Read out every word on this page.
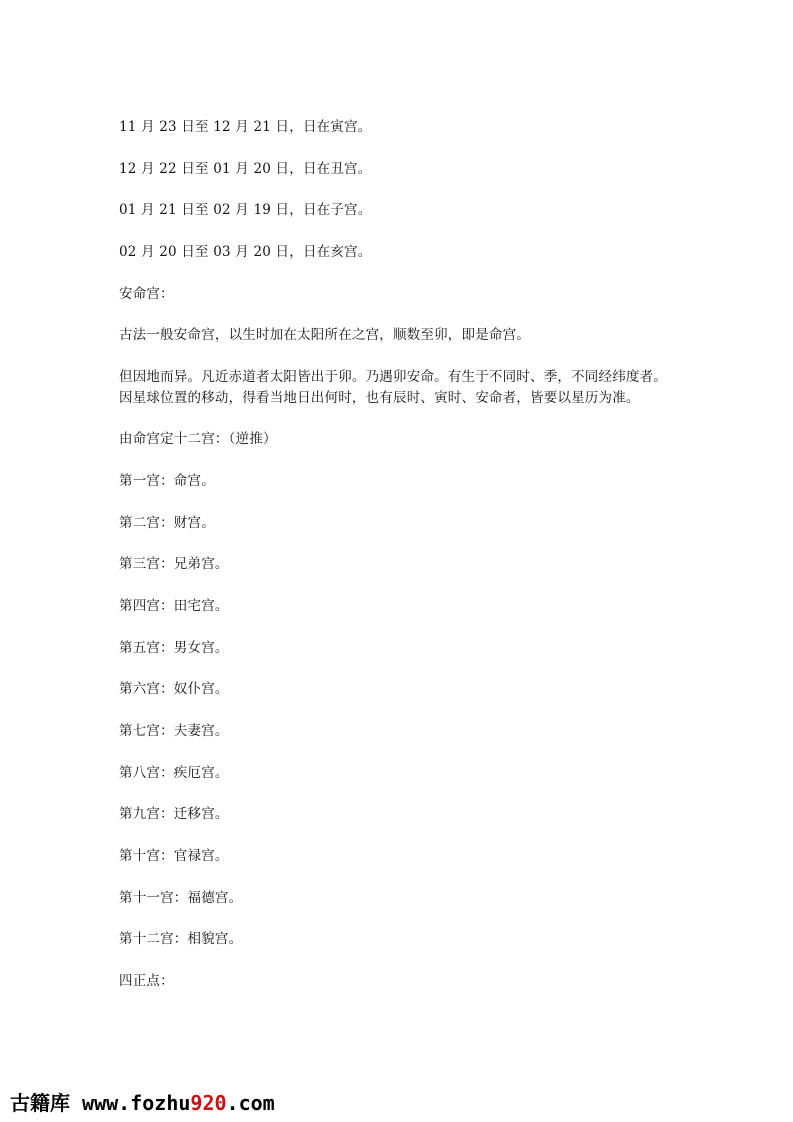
11 月 23 日至 12 月 21 日，日在寅宫。
12 月 22 日至 01 月 20 日，日在丑宫。
01 月 21 日至 02 月 19 日，日在子宫。
02 月 20 日至 03 月 20 日，日在亥宫。
安命宫：
古法一般安命宫，以生时加在太阳所在之宫，顺数至卯，即是命宫。
但因地而异。凡近赤道者太阳皆出于卯。乃遇卯安命。有生于不同时、季，不同经纬度者。
因星球位置的移动，得看当地日出何时，也有辰时、寅时、安命者，皆要以星历为准。
由命宫定十二宫：（逆推）
第一宫：命宫。
第二宫：财宫。
第三宫：兄弟宫。
第四宫：田宅宫。
第五宫：男女宫。
第六宫：奴仆宫。
第七宫：夫妻宫。
第八宫：疾厄宫。
第九宫：迁移宫。
第十宫：官禄宫。
第十一宫：福德宫。
第十二宫：相貌宫。
四正点：
古籍库 www.fozhu920.com
